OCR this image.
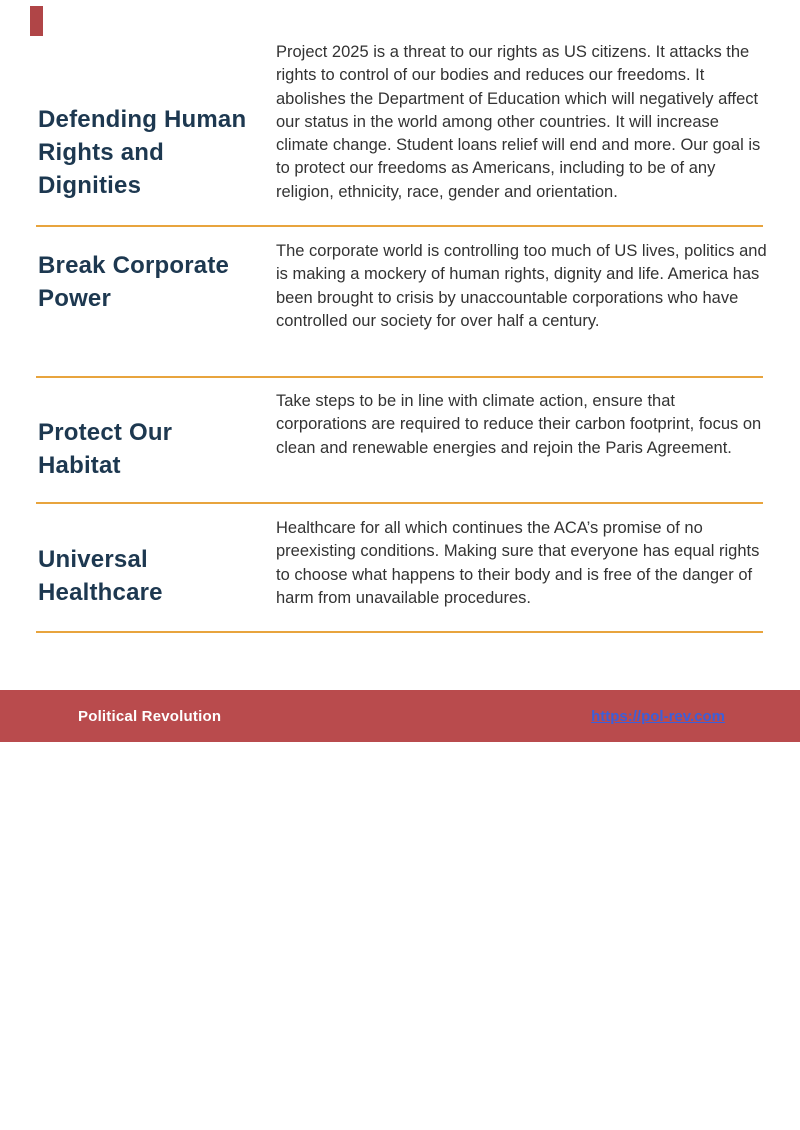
Defending Human Rights and Dignities
Project 2025 is a threat to our rights as US citizens. It attacks the rights to control of our bodies and reduces our freedoms. It abolishes the Department of Education which will negatively affect our status in the world among other countries. It will increase climate change. Student loans relief will end and more. Our goal is to protect our freedoms as Americans, including to be of any religion, ethnicity, race, gender and orientation.
Break Corporate Power
The corporate world is controlling too much of US lives, politics and is making a mockery of human rights, dignity and life. America has been brought to crisis by unaccountable corporations who have controlled our society for over half a century.
Protect Our Habitat
Take steps to be in line with climate action, ensure that corporations are required to reduce their carbon footprint, focus on clean and renewable energies and rejoin the Paris Agreement.
Universal Healthcare
Healthcare for all which continues the ACA’s promise of no preexisting conditions. Making sure that everyone has equal rights to choose what happens to their body and is free of the danger of harm from unavailable procedures.
Political Revolution	https://pol-rev.com
